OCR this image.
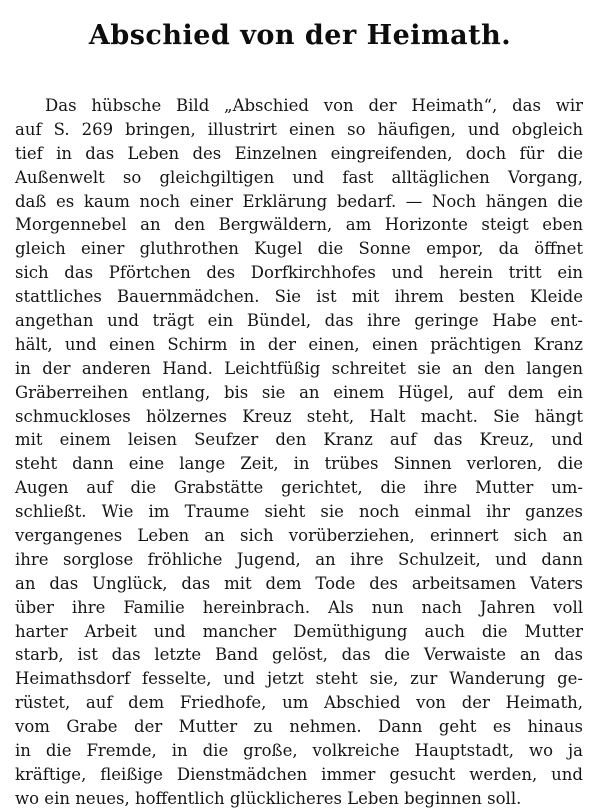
Abschied von der Heimath.
Das hübsche Bild „Abschied von der Heimath“, das wir
auf S. 269 bringen, illustrirt einen so häufigen, und obgleich
tief in das Leben des Einzelnen eingreifenden, doch für die
Außenwelt so gleichgiltigen und fast alltäglichen Vorgang,
daß es kaum noch einer Erklärung bedarf. — Noch hängen die
Morgennebel an den Bergwäldern, am Horizonte steigt eben
gleich einer gluthrothen Kugel die Sonne empor, da öffnet
sich das Pförtchen des Dorfkirchhofes und herein tritt ein
stattliches Bauernmädchen. Sie ist mit ihrem besten Kleide
angethan und trägt ein Bündel, das ihre geringe Habe ent-
hält, und einen Schirm in der einen, einen prächtigen Kranz
in der anderen Hand. Leichtfüßig schreitet sie an den langen
Gräberreihen entlang, bis sie an einem Hügel, auf dem ein
schmuckloses hölzernes Kreuz steht, Halt macht. Sie hängt
mit einem leisen Seufzer den Kranz auf das Kreuz, und
steht dann eine lange Zeit, in trübes Sinnen verloren, die
Augen auf die Grabstätte gerichtet, die ihre Mutter um-
schließt. Wie im Traume sieht sie noch einmal ihr ganzes
vergangenes Leben an sich vorüberziehen, erinnert sich an
ihre sorglose fröhliche Jugend, an ihre Schulzeit, und dann
an das Unglück, das mit dem Tode des arbeitsamen Vaters
über ihre Familie hereinbrach. Als nun nach Jahren voll
harter Arbeit und mancher Demüthigung auch die Mutter
starb, ist das letzte Band gelöst, das die Verwaiste an das
Heimathsdorf fesselte, und jetzt steht sie, zur Wanderung ge-
rüstet, auf dem Friedhofe, um Abschied von der Heimath,
vom Grabe der Mutter zu nehmen. Dann geht es hinaus
in die Fremde, in die große, volkreiche Hauptstadt, wo ja
kräftige, fleißige Dienstmädchen immer gesucht werden, und
wo ein neues, hoffentlich glücklicheres Leben beginnen soll.
